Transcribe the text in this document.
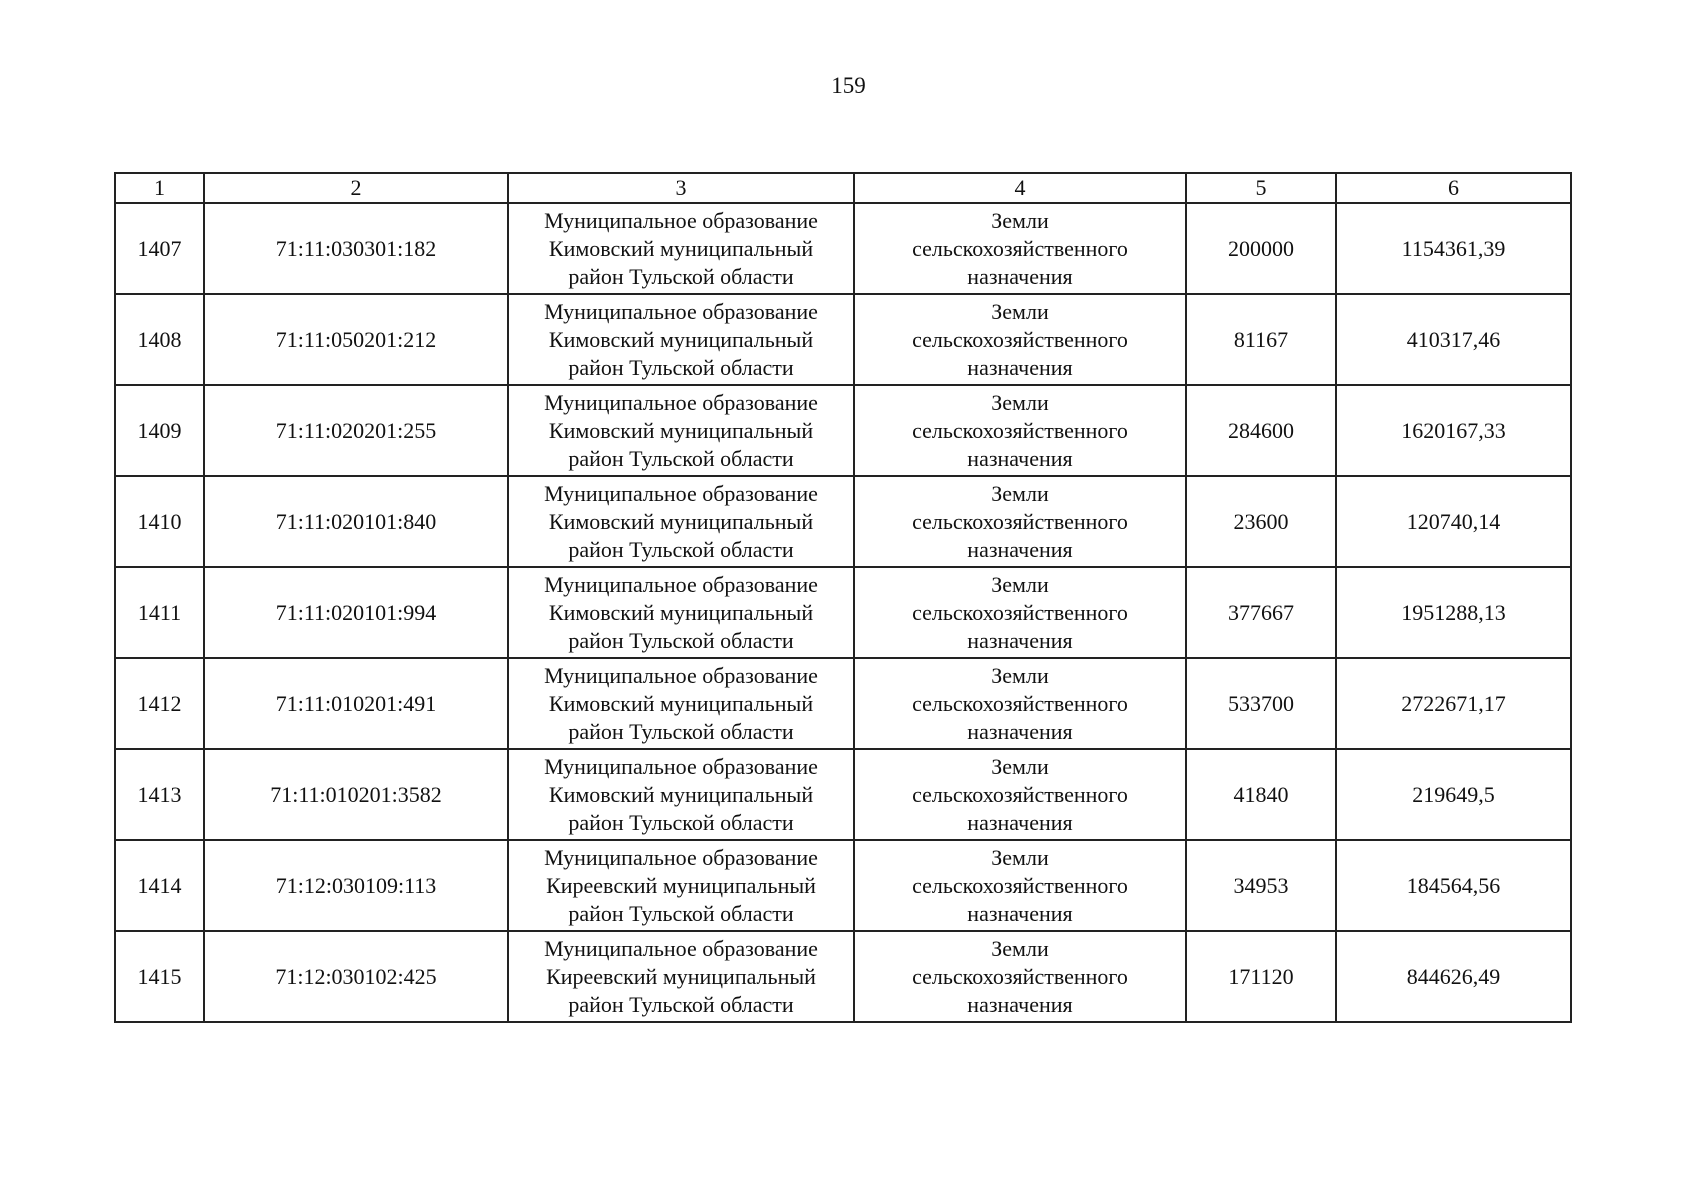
159
1	2	3	4	5	6
1407	71:11:030301:182	Муниципальное образование
Кимовский муниципальный
район Тульской области	Земли
сельскохозяйственного
назначения	200000	1154361,39
1408	71:11:050201:212	Муниципальное образование
Кимовский муниципальный
район Тульской области	Земли
сельскохозяйственного
назначения	81167	410317,46
1409	71:11:020201:255	Муниципальное образование
Кимовский муниципальный
район Тульской области	Земли
сельскохозяйственного
назначения	284600	1620167,33
1410	71:11:020101:840	Муниципальное образование
Кимовский муниципальный
район Тульской области	Земли
сельскохозяйственного
назначения	23600	120740,14
1411	71:11:020101:994	Муниципальное образование
Кимовский муниципальный
район Тульской области	Земли
сельскохозяйственного
назначения	377667	1951288,13
1412	71:11:010201:491	Муниципальное образование
Кимовский муниципальный
район Тульской области	Земли
сельскохозяйственного
назначения	533700	2722671,17
1413	71:11:010201:3582	Муниципальное образование
Кимовский муниципальный
район Тульской области	Земли
сельскохозяйственного
назначения	41840	219649,5
1414	71:12:030109:113	Муниципальное образование
Киреевский муниципальный
район Тульской области	Земли
сельскохозяйственного
назначения	34953	184564,56
1415	71:12:030102:425	Муниципальное образование
Киреевский муниципальный
район Тульской области	Земли
сельскохозяйственного
назначения	171120	844626,49
